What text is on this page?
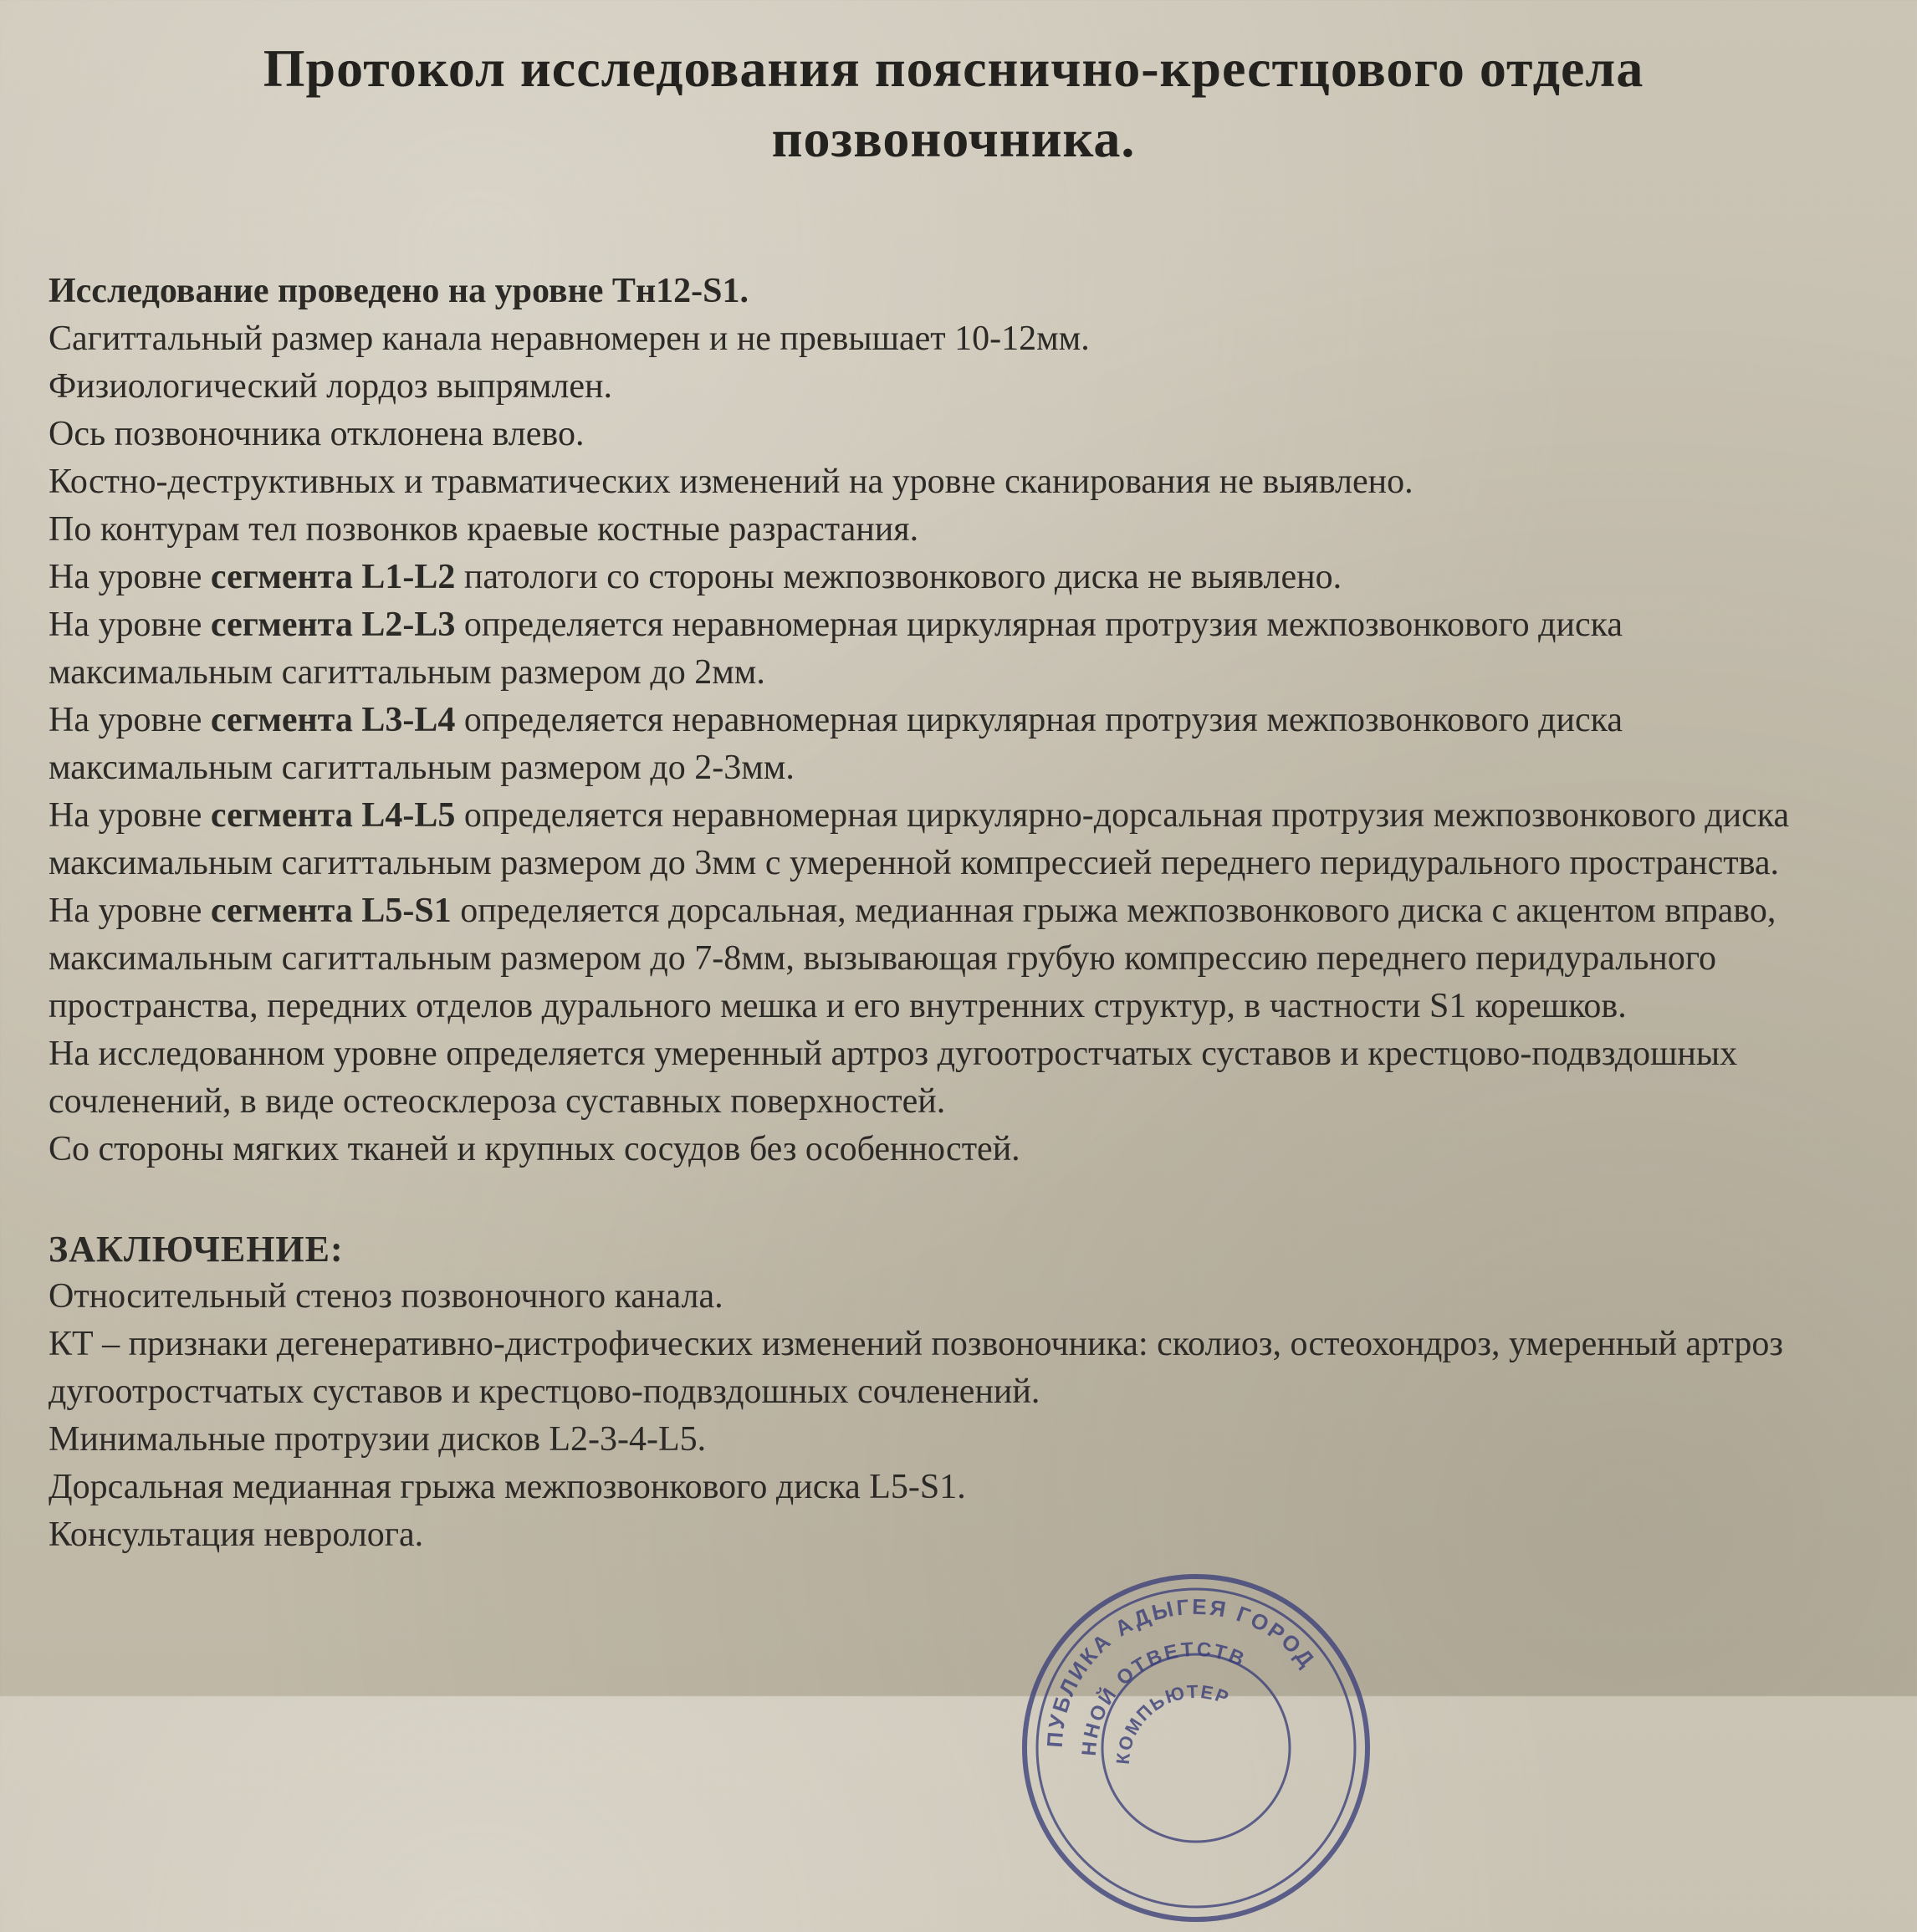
Протокол исследования пояснично-крестцового отдела
позвоночника.
Исследование проведено на уровне Тн12-S1.
Сагиттальный размер канала неравномерен и не превышает 10-12мм.
Физиологический лордоз выпрямлен.
Ось позвоночника отклонена влево.
Костно-деструктивных и травматических изменений на уровне сканирования не выявлено.
По контурам тел позвонков краевые костные разрастания.
На уровне сегмента L1-L2 патологи со стороны межпозвонкового диска не выявлено.
На уровне сегмента L2-L3 определяется неравномерная циркулярная протрузия межпозвонкового диска максимальным сагиттальным размером до 2мм.
На уровне сегмента L3-L4 определяется неравномерная циркулярная протрузия межпозвонкового диска максимальным сагиттальным размером до 2-3мм.
На уровне сегмента L4-L5 определяется неравномерная циркулярно-дорсальная протрузия межпозвонкового диска максимальным сагиттальным размером до 3мм с умеренной компрессией переднего перидурального пространства.
На уровне сегмента L5-S1 определяется дорсальная, медианная грыжа межпозвонкового диска с акцентом вправо, максимальным сагиттальным размером до 7-8мм, вызывающая грубую компрессию переднего перидурального пространства, передних отделов дурального мешка и его внутренних структур, в частности S1 корешков.
На исследованном уровне определяется умеренный артроз дугоотростчатых суставов и крестцово-подвздошных сочленений, в виде остеосклероза суставных поверхностей.
Со стороны мягких тканей и крупных сосудов без особенностей.
ЗАКЛЮЧЕНИЕ:
Относительный стеноз позвоночного канала.
КТ – признаки дегенеративно-дистрофических изменений позвоночника: сколиоз, остеохондроз, умеренный артроз дугоотростчатых суставов и крестцово-подвздошных сочленений.
Минимальные протрузии дисков L2-3-4-L5.
Дорсальная медианная грыжа межпозвонкового диска L5-S1.
Консультация невролога.
ПУБЛИКА АДЫГЕЯ ГОРОД
ННОЙ ОТВЕТСТВ
КОМПЬЮТЕР
